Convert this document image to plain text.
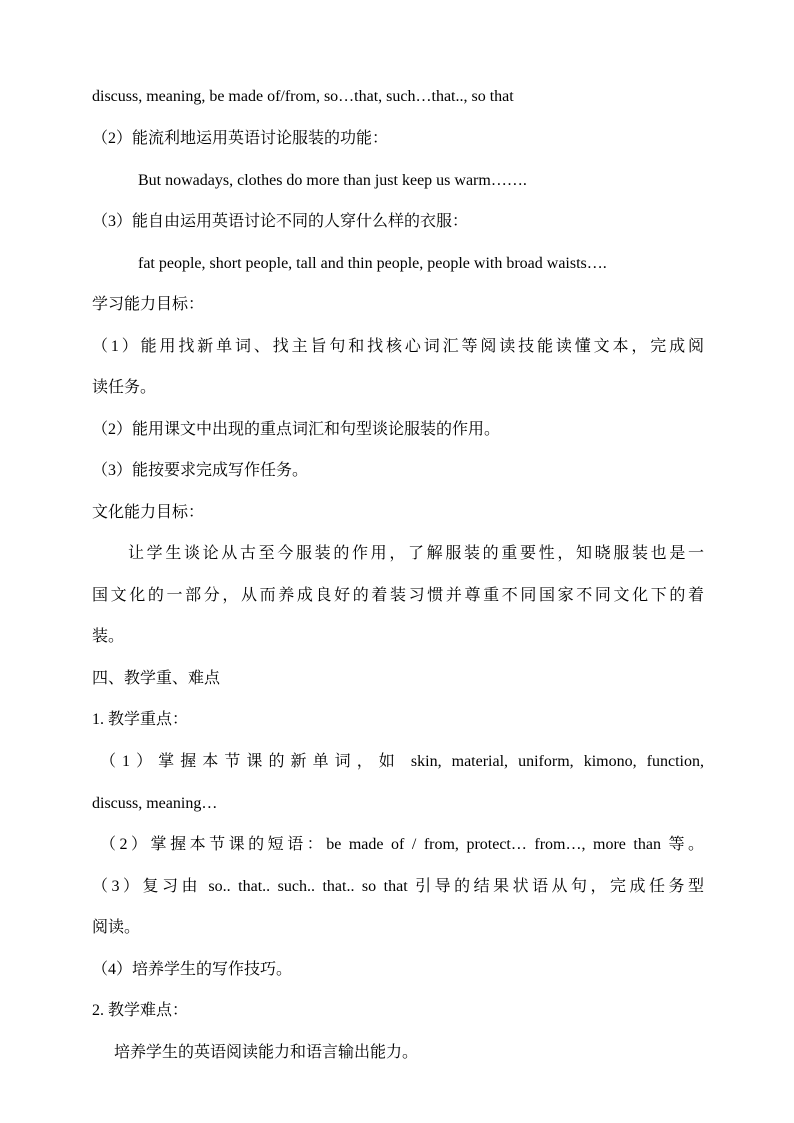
discuss, meaning, be made of/from, so…that, such…that.., so that
（2）能流利地运用英语讨论服装的功能：
But nowadays, clothes do more than just keep us warm…….
（3）能自由运用英语讨论不同的人穿什么样的衣服：
fat people, short people, tall and thin people, people with broad waists….
学习能力目标：
（1）能用找新单词、找主旨句和找核心词汇等阅读技能读懂文本，完成阅
读任务。
（2）能用课文中出现的重点词汇和句型谈论服装的作用。
（3）能按要求完成写作任务。
文化能力目标：
让学生谈论从古至今服装的作用，了解服装的重要性，知晓服装也是一
国文化的一部分，从而养成良好的着装习惯并尊重不同国家不同文化下的着
装。
四、教学重、难点
1. 教学重点：
（1）掌握本节课的新单词，如 skin, material, uniform, kimono, function,
discuss, meaning…
（2）掌握本节课的短语：be made of / from, protect… from…, more than 等。
（3）复习由 so.. that.. such.. that.. so that 引导的结果状语从句，完成任务型
阅读。
（4）培养学生的写作技巧。
2. 教学难点：
培养学生的英语阅读能力和语言输出能力。
